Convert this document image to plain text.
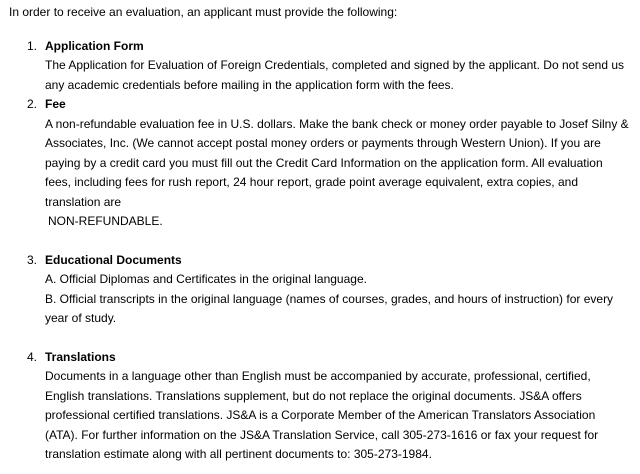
In order to receive an evaluation, an applicant must provide the following:
1. Application Form

The Application for Evaluation of Foreign Credentials, completed and signed by the applicant. Do not send us any academic credentials before mailing in the application form with the fees.

2. Fee

A non-refundable evaluation fee in U.S. dollars. Make the bank check or money order payable to Josef Silny & Associates, Inc. (We cannot accept postal money orders or payments through Western Union). If you are paying by a credit card you must fill out the Credit Card Information on the application form. All evaluation fees, including fees for rush report, 24 hour report, grade point average equivalent, extra copies, and translation are

NON-REFUNDABLE.

3. Educational Documents

A. Official Diplomas and Certificates in the original language.

B. Official transcripts in the original language (names of courses, grades, and hours of instruction) for every year of study.

4. Translations

Documents in a language other than English must be accompanied by accurate, professional, certified, English translations. Translations supplement, but do not replace the original documents. JS&A offers professional certified translations. JS&A is a Corporate Member of the American Translators Association (ATA). For further information on the JS&A Translation Service, call 305-273-1616 or fax your request for translation estimate along with all pertinent documents to: 305-273-1984.
